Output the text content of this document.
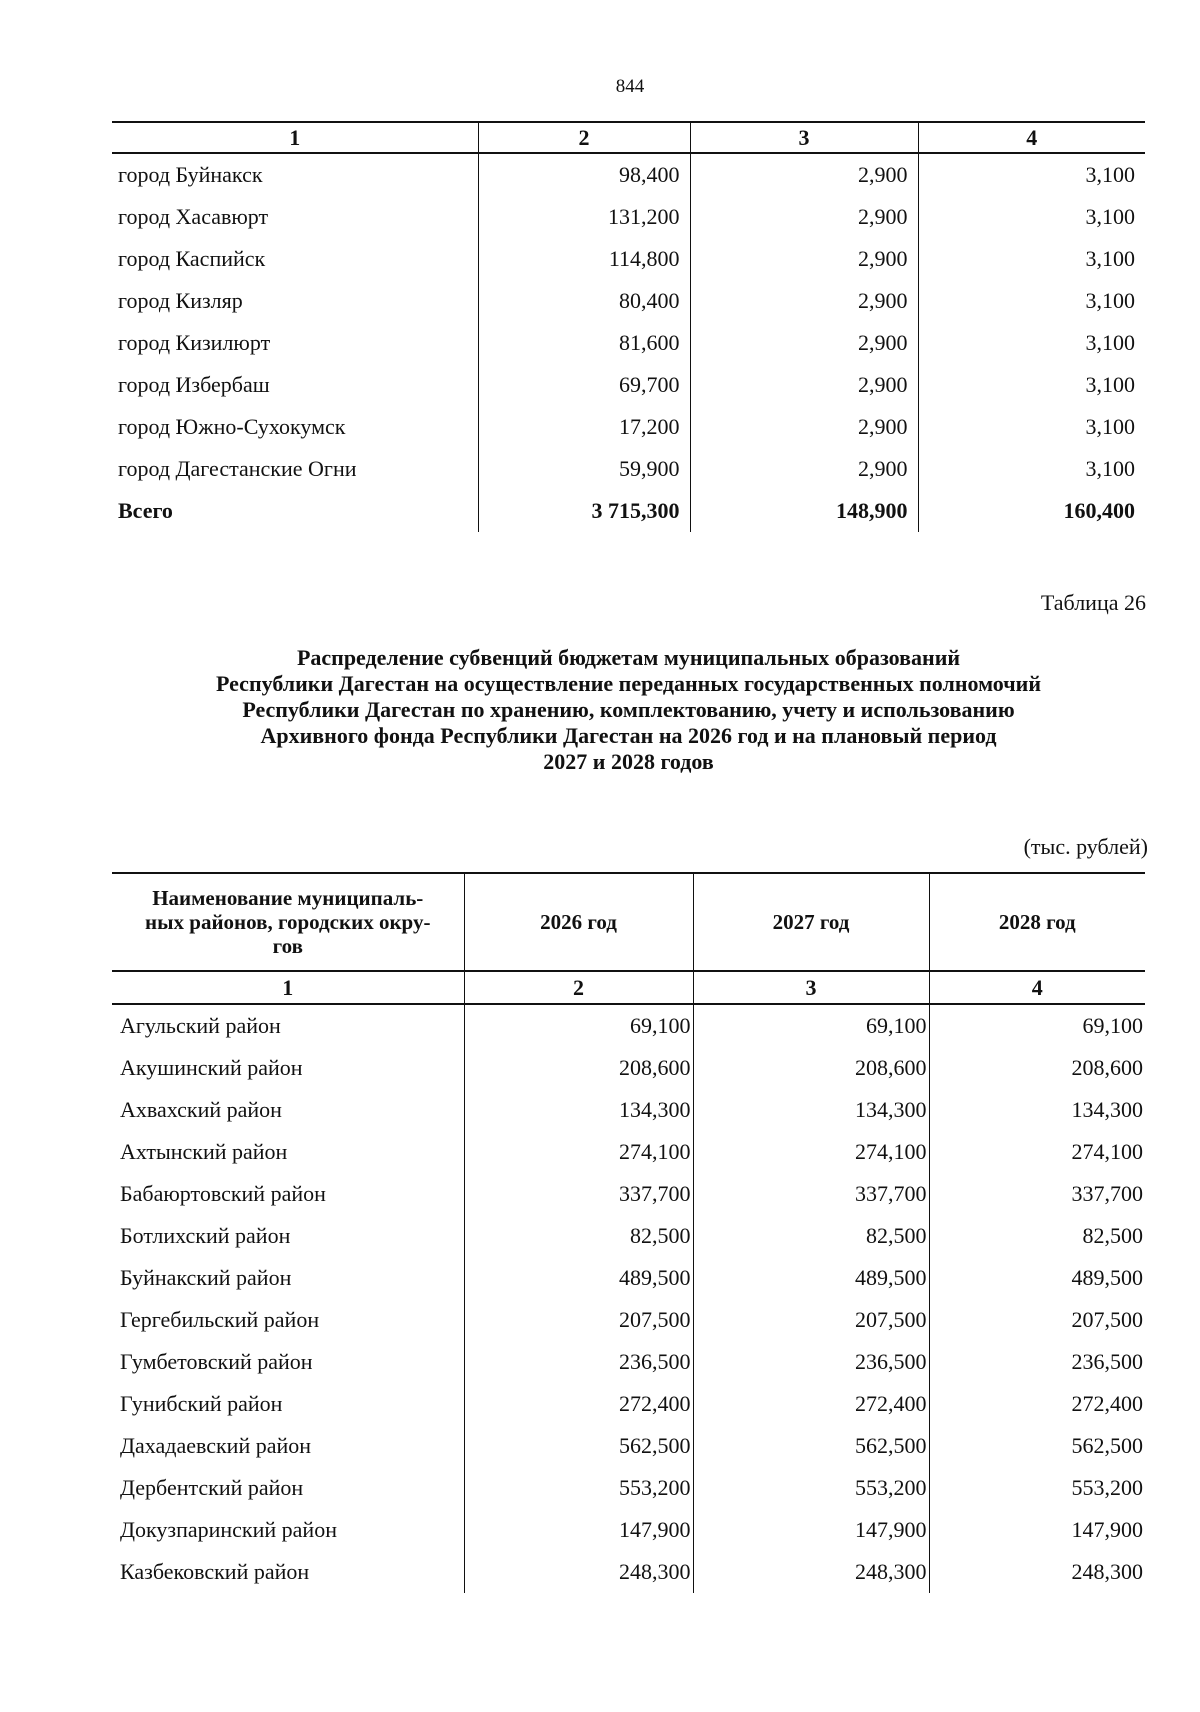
844
1	2	3	4
город Буйнакск	98,400	2,900	3,100
город Хасавюрт	131,200	2,900	3,100
город Каспийск	114,800	2,900	3,100
город Кизляр	80,400	2,900	3,100
город Кизилюрт	81,600	2,900	3,100
город Избербаш	69,700	2,900	3,100
город Южно-Сухокумск	17,200	2,900	3,100
город Дагестанские Огни	59,900	2,900	3,100
Всего	3 715,300	148,900	160,400
Таблица 26
Распределение субвенций бюджетам муниципальных образований
Республики Дагестан на осуществление переданных государственных полномочий
Республики Дагестан по хранению, комплектованию, учету и использованию
Архивного фонда Республики Дагестан на 2026 год и на плановый период
2027 и 2028 годов
(тыс. рублей)
Наименование муниципаль-
ных районов, городских окру-
гов	2026 год	2027 год	2028 год
1	2	3	4
Агульский район	69,100	69,100	69,100
Акушинский район	208,600	208,600	208,600
Ахвахский район	134,300	134,300	134,300
Ахтынский район	274,100	274,100	274,100
Бабаюртовский район	337,700	337,700	337,700
Ботлихский район	82,500	82,500	82,500
Буйнакский район	489,500	489,500	489,500
Гергебильский район	207,500	207,500	207,500
Гумбетовский район	236,500	236,500	236,500
Гунибский район	272,400	272,400	272,400
Дахадаевский район	562,500	562,500	562,500
Дербентский район	553,200	553,200	553,200
Докузпаринский район	147,900	147,900	147,900
Казбековский район	248,300	248,300	248,300
